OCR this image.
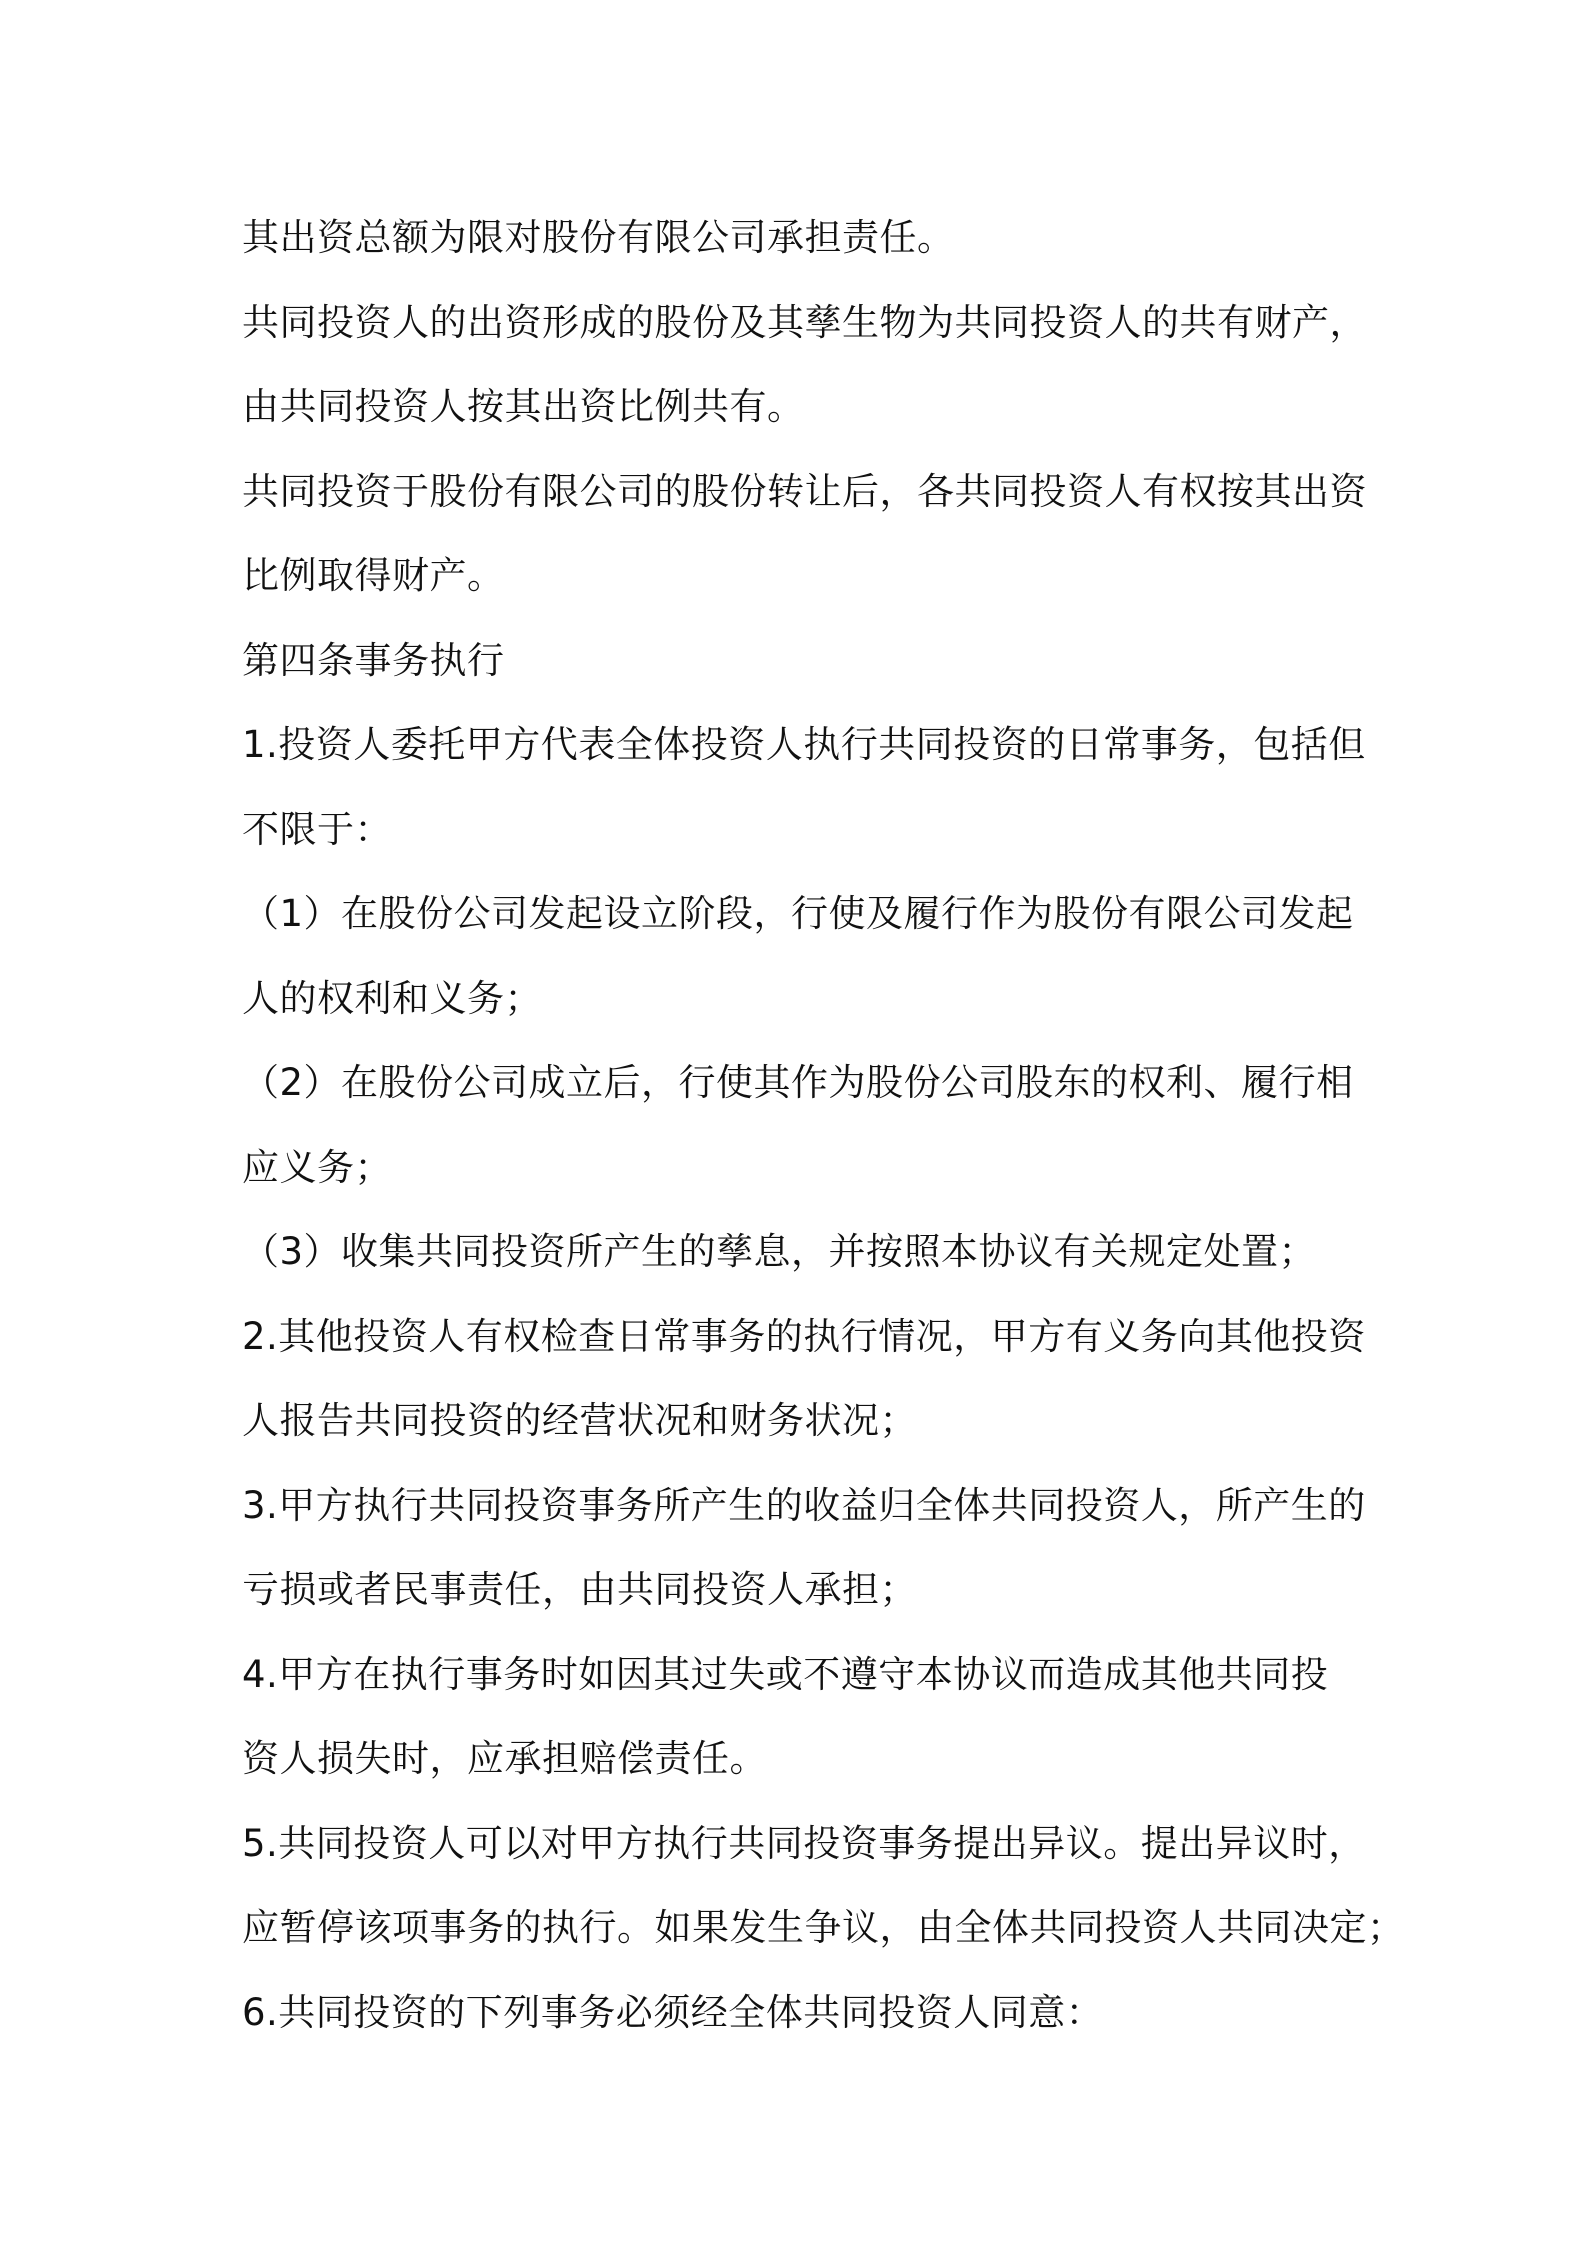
其出资总额为限对股份有限公司承担责任。
共同投资人的出资形成的股份及其孳生物为共同投资人的共有财产，
由共同投资人按其出资比例共有。
共同投资于股份有限公司的股份转让后，各共同投资人有权按其出资
比例取得财产。
第四条事务执行
1.投资人委托甲方代表全体投资人执行共同投资的日常事务，包括但
不限于：
（1）在股份公司发起设立阶段，行使及履行作为股份有限公司发起
人的权利和义务；
（2）在股份公司成立后，行使其作为股份公司股东的权利、履行相
应义务；
（3）收集共同投资所产生的孳息，并按照本协议有关规定处置；
2.其他投资人有权检查日常事务的执行情况，甲方有义务向其他投资
人报告共同投资的经营状况和财务状况；
3.甲方执行共同投资事务所产生的收益归全体共同投资人，所产生的
亏损或者民事责任，由共同投资人承担；
4.甲方在执行事务时如因其过失或不遵守本协议而造成其他共同投
资人损失时，应承担赔偿责任。
5.共同投资人可以对甲方执行共同投资事务提出异议。提出异议时，
应暂停该项事务的执行。如果发生争议，由全体共同投资人共同决定；
6.共同投资的下列事务必须经全体共同投资人同意：
